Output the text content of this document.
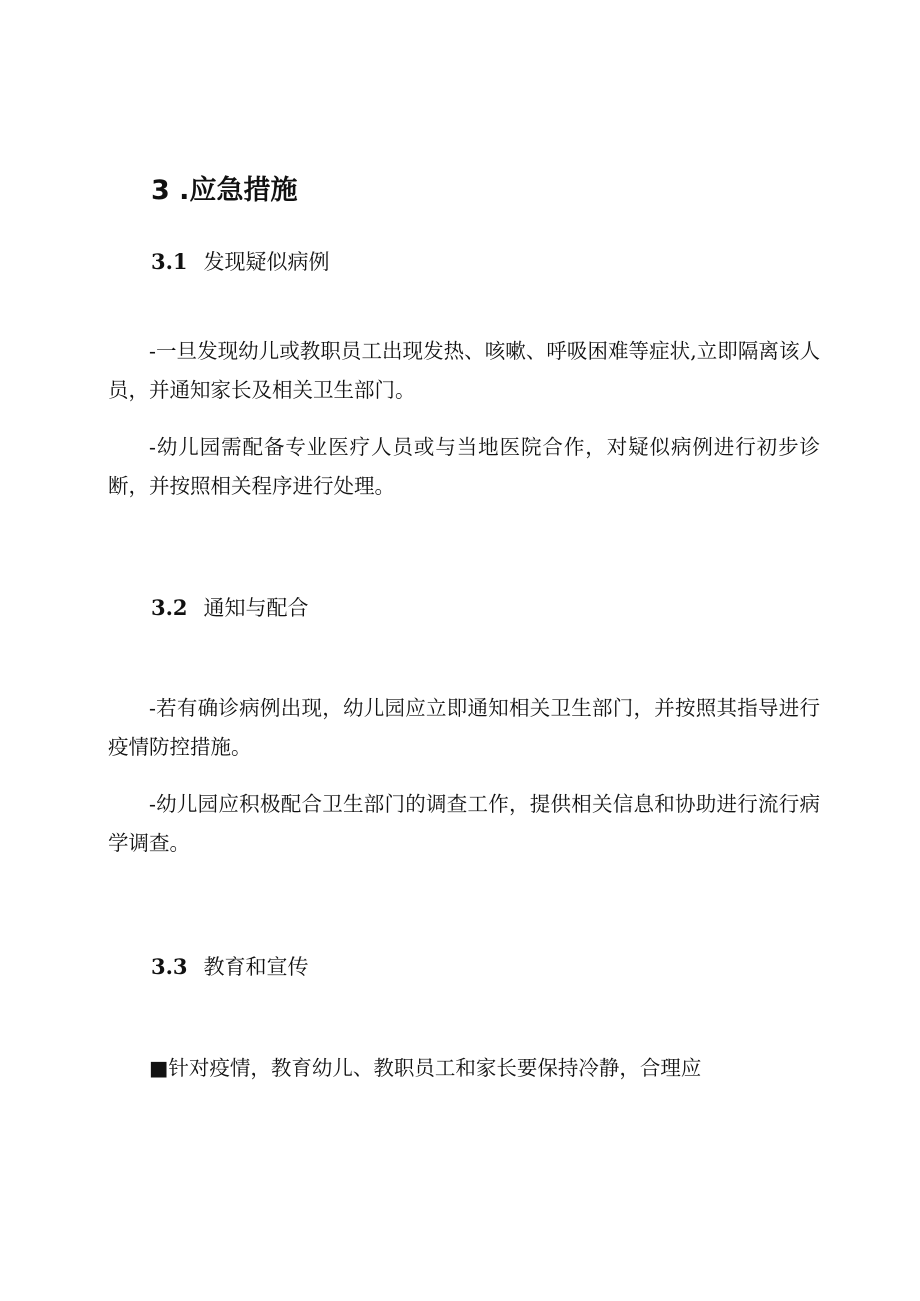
3 .应急措施
3.1 发现疑似病例
-一旦发现幼儿或教职员工出现发热、咳嗽、呼吸困难等症状,立即隔离该人员，并通知家长及相关卫生部门。
-幼儿园需配备专业医疗人员或与当地医院合作，对疑似病例进行初步诊断，并按照相关程序进行处理。
3.2 通知与配合
-若有确诊病例出现，幼儿园应立即通知相关卫生部门，并按照其指导进行疫情防控措施。
-幼儿园应积极配合卫生部门的调查工作，提供相关信息和协助进行流行病学调查。
3.3 教育和宣传
■针对疫情，教育幼儿、教职员工和家长要保持冷静，合理应
